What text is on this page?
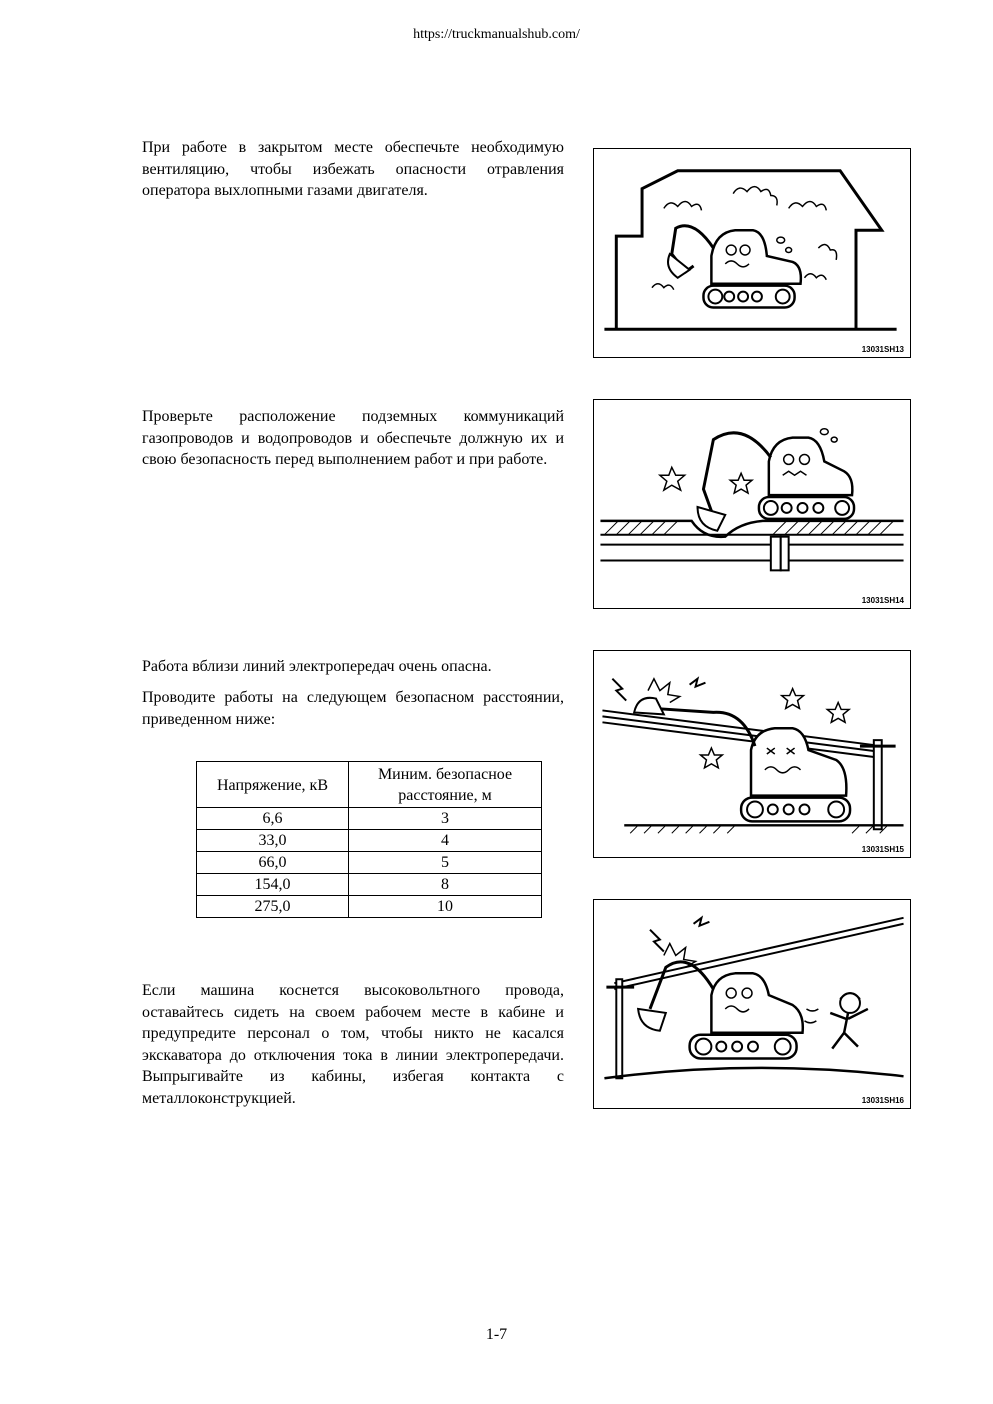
https://truckmanualshub.com/

При работе в закрытом месте обеспечьте необходимую вентиляцию, чтобы избежать опасности отравления оператора выхлопными газами двигателя.

13031SH13

Проверьте расположение подземных коммуникаций газопроводов и водопроводов и обеспечьте должную их и свою безопасность перед выполнением работ и при работе.

13031SH14

Работа вблизи линий электропередач очень опасна.

Проводите работы на следующем безопасном расстоянии, приведенном ниже:

Напряжение, кВ	Миним. безопасное расстояние, м
6,6	3
33,0	4
66,0	5
154,0	8
275,0	10
13031SH15

Если машина коснется высоковольтного провода, оставайтесь сидеть на своем рабочем месте в кабине и предупредите персонал о том, чтобы никто не касался экскаватора до отключения тока в линии электропередачи. Выпрыгивайте из кабины, избегая контакта с металлоконструкцией.	13031SH16
1-7
